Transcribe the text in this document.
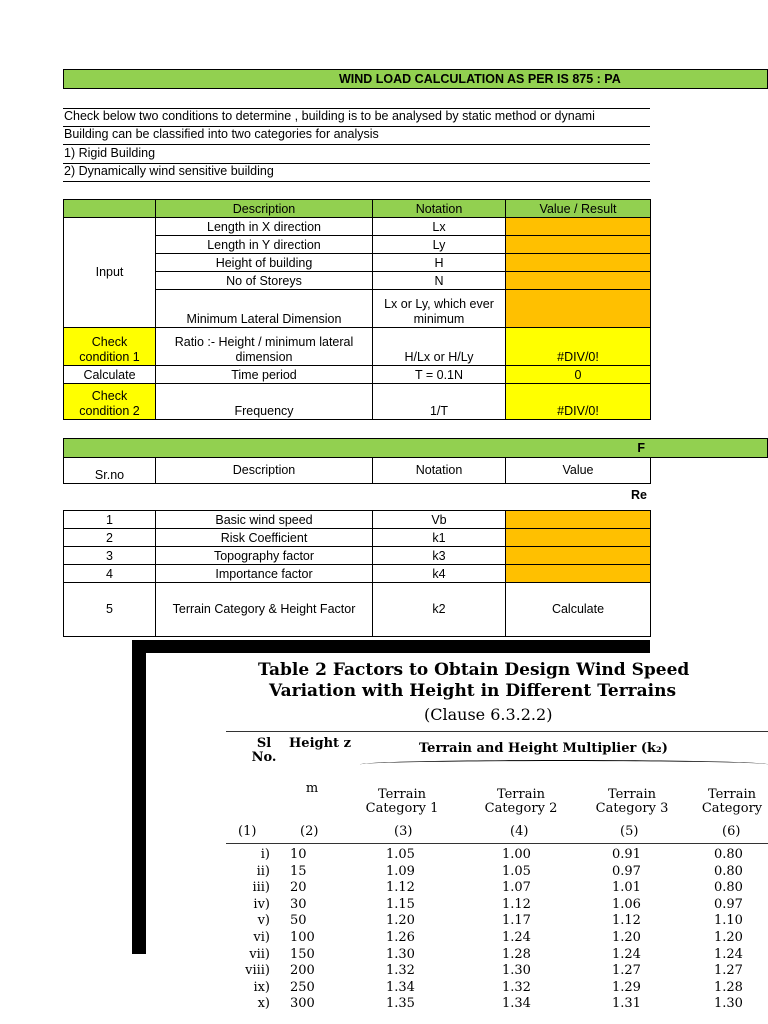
WIND LOAD CALCULATION AS PER IS 875 : PA
Check below two conditions to determine , building is to be analysed by static method or dynami
Building can be classified into two categories for analysis
1) Rigid Building
2) Dynamically wind sensitive building
	Description	Notation	Value / Result
Input	Length in X direction	Lx	
	Length in Y direction	Ly	
	Height of building	H	
	No of Storeys	N	
	Minimum Lateral Dimension	Lx or Ly, which ever minimum	
Check condition 1	Ratio :- Height / minimum lateral dimension	H/Lx or H/Ly	#DIV/0!
Calculate	Time period	T = 0.1N	0
Check condition 2	Frequency	1/T	#DIV/0!
F
Sr.no	Description	Notation	Value
Re
1	Basic wind speed	Vb	
2	Risk Coefficient	k1	
3	Topography factor	k3	
4	Importance factor	k4	
5	Terrain Category & Height Factor	k2	Calculate
Table 2 Factors to Obtain Design Wind Speed
Variation with Height in Different Terrains
(Clause 6.3.2.2)
Sl No.
Height z	Terrain and Height Multiplier (k₂)
m	Terrain Category 1
Terrain Category 2
Terrain Category 3
Terrain Category
(1)	(2)	(3)	(4)	(5)	(6)
i) 10	1.05	1.00	0.91	0.80
ii) 15	1.09	1.05	0.97	0.80
iii) 20	1.12	1.07	1.01	0.80
iv) 30	1.15	1.12	1.06	0.97
v) 50	1.20	1.17	1.12	1.10
vi) 100	1.26	1.24	1.20	1.20
vii) 150	1.30	1.28	1.24	1.24
viii) 200	1.32	1.30	1.27	1.27
ix) 250	1.34	1.32	1.29	1.28
x) 300	1.35	1.34	1.31	1.30
